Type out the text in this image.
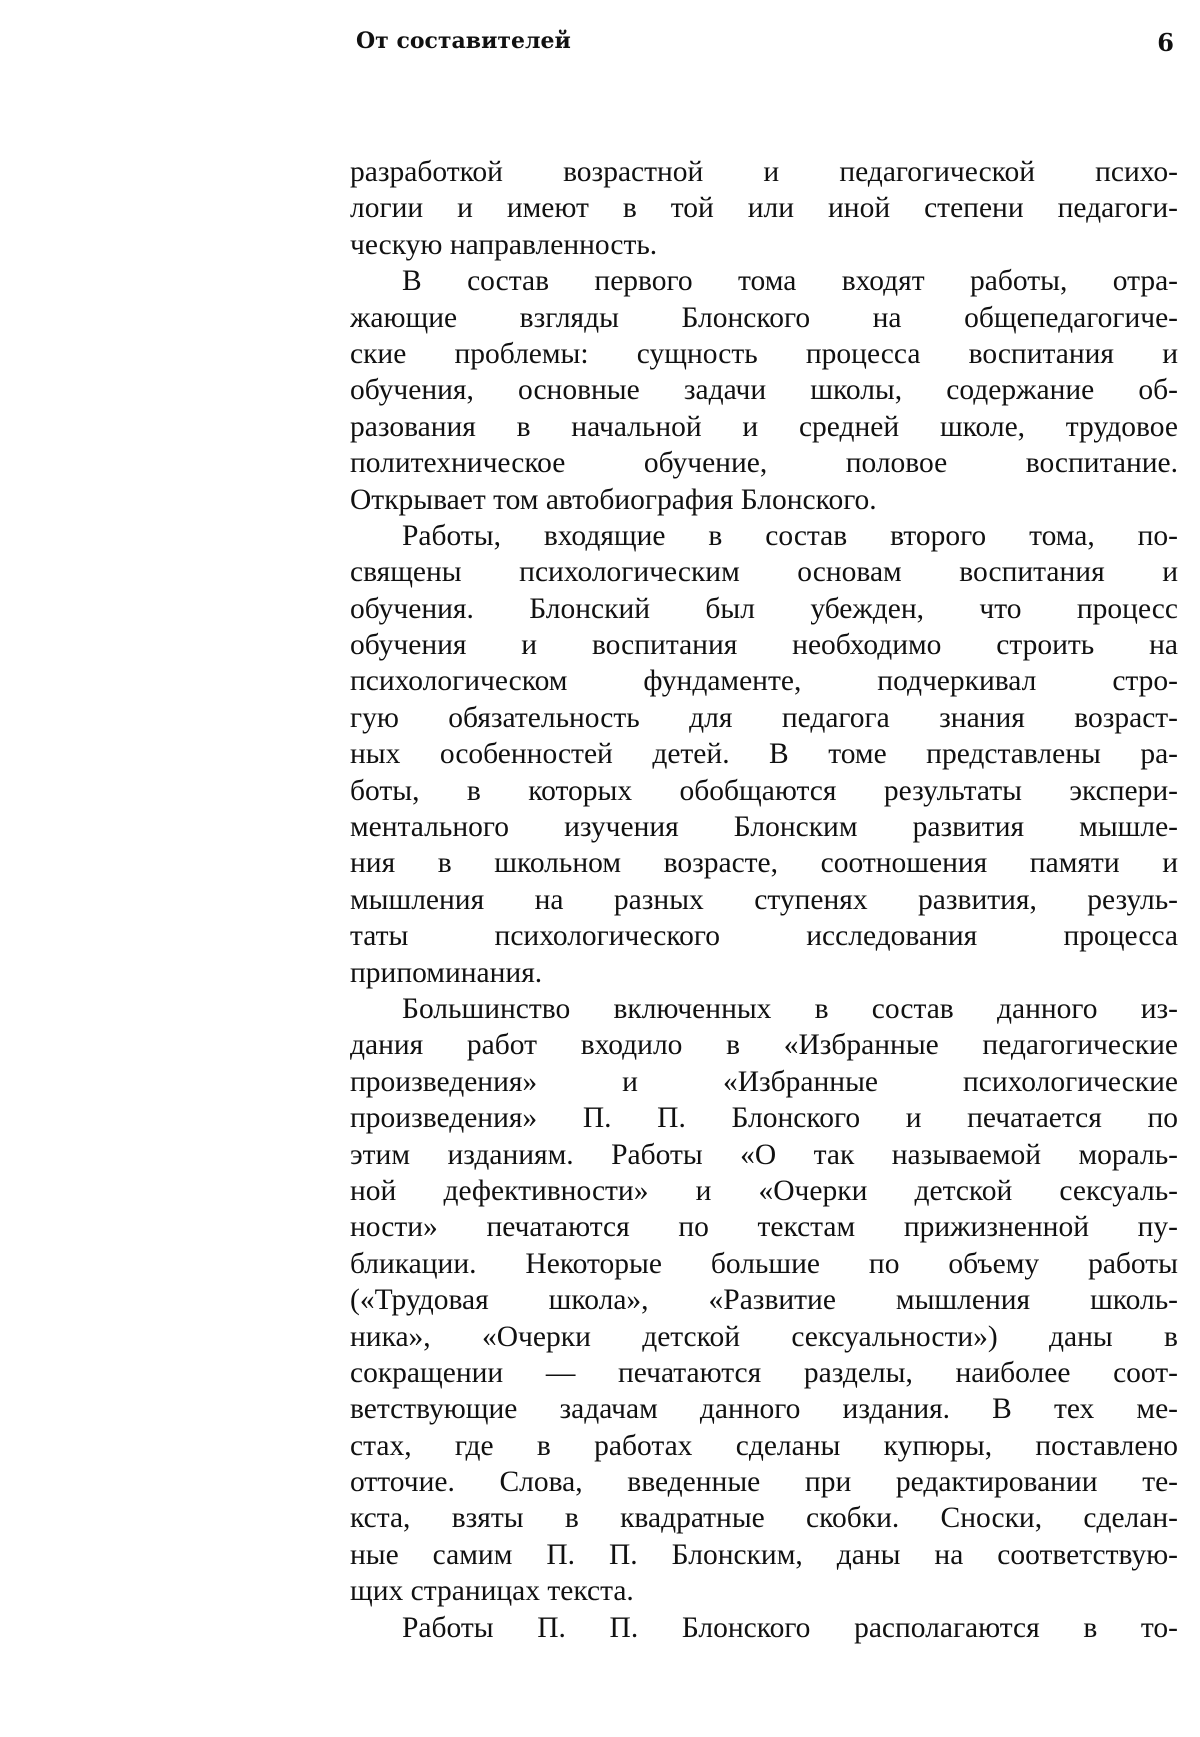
От составителей	6
разработкой возрастной и педагогической психо-
логии и имеют в той или иной степени педагоги-
ческую направленность.
В состав первого тома входят работы, отра-
жающие взгляды Блонского на общепедагогиче-
ские проблемы: сущность процесса воспитания и
обучения, основные задачи школы, содержание об-
разования в начальной и средней школе, трудовое
политехническое обучение, половое воспитание.
Открывает том автобиография Блонского.
Работы, входящие в состав второго тома, по-
священы психологическим основам воспитания и
обучения. Блонский был убежден, что процесс
обучения и воспитания необходимо строить на
психологическом фундаменте, подчеркивал стро-
гую обязательность для педагога знания возраст-
ных особенностей детей. В томе представлены ра-
боты, в которых обобщаются результаты экспери-
ментального изучения Блонским развития мышле-
ния в школьном возрасте, соотношения памяти и
мышления на разных ступенях развития, резуль-
таты психологического исследования процесса
припоминания.
Большинство включенных в состав данного из-
дания работ входило в «Избранные педагогические
произведения» и «Избранные психологические
произведения» П. П. Блонского и печатается по
этим изданиям. Работы «О так называемой мораль-
ной дефективности» и «Очерки детской сексуаль-
ности» печатаются по текстам прижизненной пу-
бликации. Некоторые большие по объему работы
(«Трудовая школа», «Развитие мышления школь-
ника», «Очерки детской сексуальности») даны в
сокращении — печатаются разделы, наиболее соот-
ветствующие задачам данного издания. В тех ме-
стах, где в работах сделаны купюры, поставлено
отточие. Слова, введенные при редактировании те-
кста, взяты в квадратные скобки. Сноски, сделан-
ные самим П. П. Блонским, даны на соответствую-
щих страницах текста.
Работы П. П. Блонского располагаются в то-
